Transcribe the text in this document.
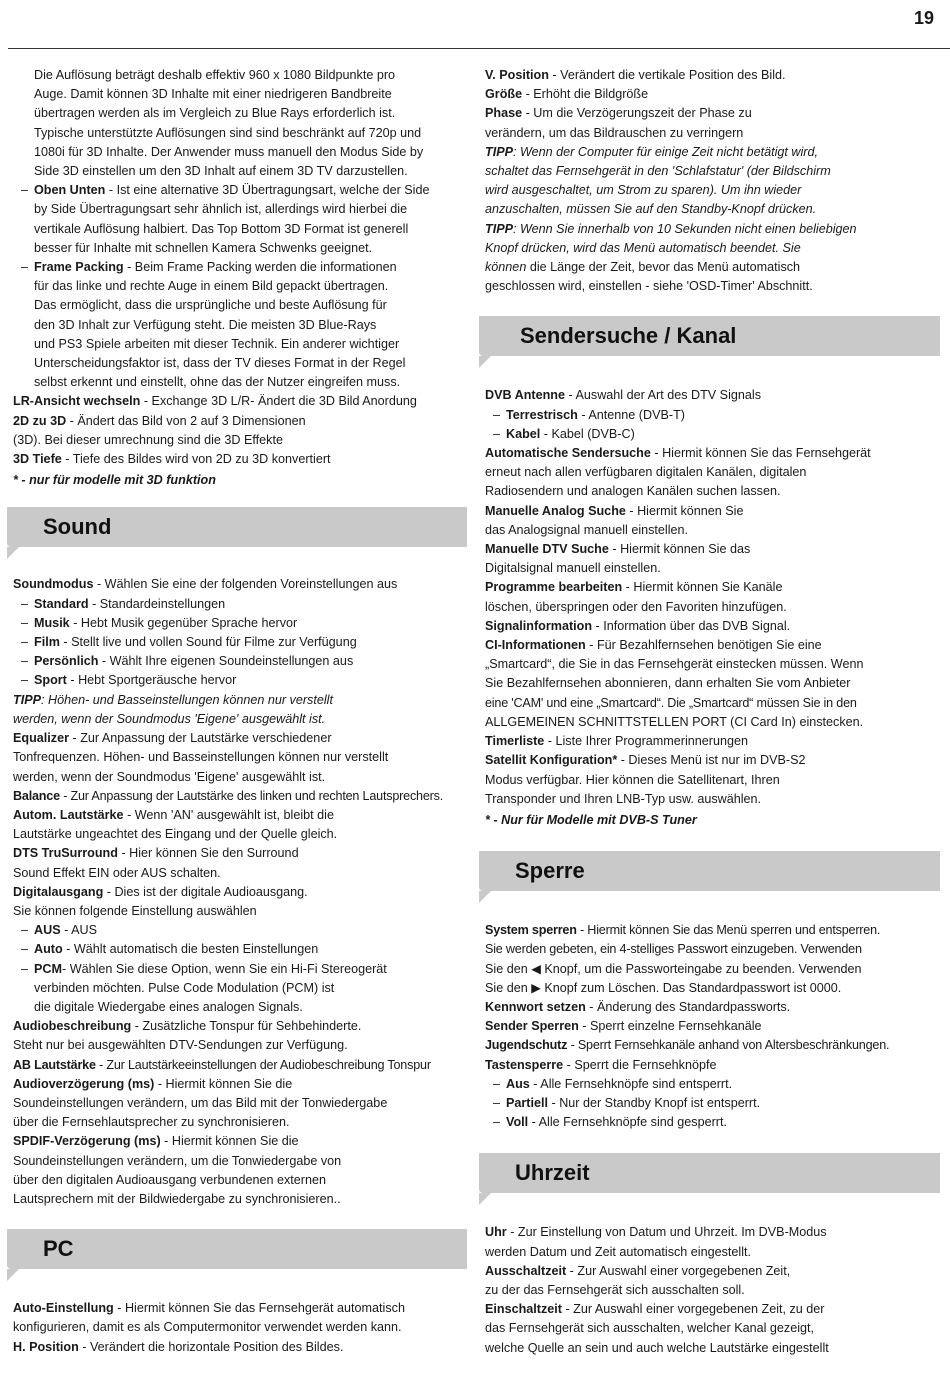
19

Die Auflösung beträgt deshalb effektiv 960 x 1080 Bildpunkte pro

Auge. Damit können 3D Inhalte mit einer niedrigeren Bandbreite

übertragen werden als im Vergleich zu Blue Rays erforderlich ist.

Typische unterstützte Auflösungen sind sind beschränkt auf 720p und

1080i für 3D Inhalte. Der Anwender muss manuell den Modus Side by

Side 3D einstellen um den 3D Inhalt auf einem 3D TV darzustellen.

– Oben Unten - Ist eine alternative 3D Übertragungsart, welche der Side

by Side Übertragungsart sehr ähnlich ist, allerdings wird hierbei die

vertikale Auflösung halbiert. Das Top Bottom 3D Format ist generell

besser für Inhalte mit schnellen Kamera Schwenks geeignet.

– Frame Packing - Beim Frame Packing werden die informationen

für das linke und rechte Auge in einem Bild gepackt übertragen.

Das ermöglicht, dass die ursprüngliche und beste Auflösung für

den 3D Inhalt zur Verfügung steht. Die meisten 3D Blue-Rays

und PS3 Spiele arbeiten mit dieser Technik. Ein anderer wichtiger

Unterscheidungsfaktor ist, dass der TV dieses Format in der Regel

selbst erkennt und einstellt, ohne das der Nutzer eingreifen muss.

LR-Ansicht wechseln - Exchange 3D L/R- Ändert die 3D Bild Anordung

2D zu 3D - Ändert das Bild von 2 auf 3 Dimensionen

(3D). Bei dieser umrechnung sind die 3D Effekte

3D Tiefe - Tiefe des Bildes wird von 2D zu 3D konvertiert

* - nur für modelle mit 3D funktion

Sound

Soundmodus - Wählen Sie eine der folgenden Voreinstellungen aus

– Standard - Standardeinstellungen

– Musik - Hebt Musik gegenüber Sprache hervor

– Film - Stellt live und vollen Sound für Filme zur Verfügung

– Persönlich - Wählt Ihre eigenen Soundeinstellungen aus

– Sport - Hebt Sportgeräusche hervor

TIPP: Höhen- und Basseinstellungen können nur verstellt

werden, wenn der Soundmodus 'Eigene' ausgewählt ist.

Equalizer - Zur Anpassung der Lautstärke verschiedener

Tonfrequenzen. Höhen- und Basseinstellungen können nur verstellt

werden, wenn der Soundmodus 'Eigene' ausgewählt ist.

Balance - Zur Anpassung der Lautstärke des linken und rechten Lautsprechers.

Autom. Lautstärke - Wenn 'AN' ausgewählt ist, bleibt die

Lautstärke ungeachtet des Eingang und der Quelle gleich.

DTS TruSurround - Hier können Sie den Surround

Sound Effekt EIN oder AUS schalten.

Digitalausgang - Dies ist der digitale Audioausgang.

Sie können folgende Einstellung auswählen

– AUS - AUS

– Auto - Wählt automatisch die besten Einstellungen

– PCM- Wählen Sie diese Option, wenn Sie ein Hi-Fi Stereogerät

verbinden möchten. Pulse Code Modulation (PCM) ist

die digitale Wiedergabe eines analogen Signals.

Audiobeschreibung - Zusätzliche Tonspur für Sehbehinderte.

Steht nur bei ausgewählten DTV-Sendungen zur Verfügung.

AB Lautstärke - Zur Lautstärkeeinstellungen der Audiobeschreibung Tonspur

Audioverzögerung (ms) - Hiermit können Sie die

Soundeinstellungen verändern, um das Bild mit der Tonwiedergabe

über die Fernsehlautsprecher zu synchronisieren.

SPDIF-Verzögerung (ms) - Hiermit können Sie die

Soundeinstellungen verändern, um die Tonwiedergabe von

über den digitalen Audioausgang verbundenen externen

Lautsprechern mit der Bildwiedergabe zu synchronisieren..

PC

Auto-Einstellung - Hiermit können Sie das Fernsehgerät automatisch

konfigurieren, damit es als Computermonitor verwendet werden kann.

H. Position - Verändert die horizontale Position des Bildes.

V. Position - Verändert die vertikale Position des Bild.

Größe - Erhöht die Bildgröße

Phase - Um die Verzögerungszeit der Phase zu

verändern, um das Bildrauschen zu verringern

TIPP: Wenn der Computer für einige Zeit nicht betätigt wird,

schaltet das Fernsehgerät in den 'Schlafstatur' (der Bildschirm

wird ausgeschaltet, um Strom zu sparen). Um ihn wieder

anzuschalten, müssen Sie auf den Standby-Knopf drücken.

TIPP: Wenn Sie innerhalb von 10 Sekunden nicht einen beliebigen

Knopf drücken, wird das Menü automatisch beendet. Sie

können die Länge der Zeit, bevor das Menü automatisch

geschlossen wird, einstellen - siehe 'OSD-Timer' Abschnitt.

Sendersuche / Kanal

DVB Antenne - Auswahl der Art des DTV Signals

– Terrestrisch - Antenne (DVB-T)

– Kabel - Kabel (DVB-C)

Automatische Sendersuche - Hiermit können Sie das Fernsehgerät

erneut nach allen verfügbaren digitalen Kanälen, digitalen

Radiosendern und analogen Kanälen suchen lassen.

Manuelle Analog Suche - Hiermit können Sie

das Analogsignal manuell einstellen.

Manuelle DTV Suche - Hiermit können Sie das

Digitalsignal manuell einstellen.

Programme bearbeiten - Hiermit können Sie Kanäle

löschen, überspringen oder den Favoriten hinzufügen.

Signalinformation - Information über das DVB Signal.

CI-Informationen - Für Bezahlfernsehen benötigen Sie eine

„Smartcard“, die Sie in das Fernsehgerät einstecken müssen. Wenn

Sie Bezahlfernsehen abonnieren, dann erhalten Sie vom Anbieter

eine 'CAM' und eine „Smartcard“. Die „Smartcard“ müssen Sie in den

ALLGEMEINEN SCHNITTSTELLEN PORT (CI Card In) einstecken.

Timerliste - Liste Ihrer Programmerinnerungen

Satellit Konfiguration* - Dieses Menü ist nur im DVB-S2

Modus verfügbar. Hier können die Satellitenart, Ihren

Transponder und Ihren LNB-Typ usw. auswählen.

* - Nur für Modelle mit DVB-S Tuner

Sperre

System sperren - Hiermit können Sie das Menü sperren und entsperren.

Sie werden gebeten, ein 4-stelliges Passwort einzugeben. Verwenden

Sie den ◀ Knopf, um die Passworteingabe zu beenden. Verwenden

Sie den ▶ Knopf zum Löschen. Das Standardpasswort ist 0000.

Kennwort setzen - Änderung des Standardpassworts.

Sender Sperren - Sperrt einzelne Fernsehkanäle

Jugendschutz - Sperrt Fernsehkanäle anhand von Altersbeschränkungen.

Tastensperre - Sperrt die Fernsehknöpfe

– Aus - Alle Fernsehknöpfe sind entsperrt.

– Partiell - Nur der Standby Knopf ist entsperrt.

– Voll - Alle Fernsehknöpfe sind gesperrt.

Uhrzeit

Uhr - Zur Einstellung von Datum und Uhrzeit. Im DVB-Modus

werden Datum und Zeit automatisch eingestellt.

Ausschaltzeit - Zur Auswahl einer vorgegebenen Zeit,

zu der das Fernsehgerät sich ausschalten soll.

Einschaltzeit - Zur Auswahl einer vorgegebenen Zeit, zu der

das Fernsehgerät sich ausschalten, welcher Kanal gezeigt,

welche Quelle an sein und auch welche Lautstärke eingestellt
